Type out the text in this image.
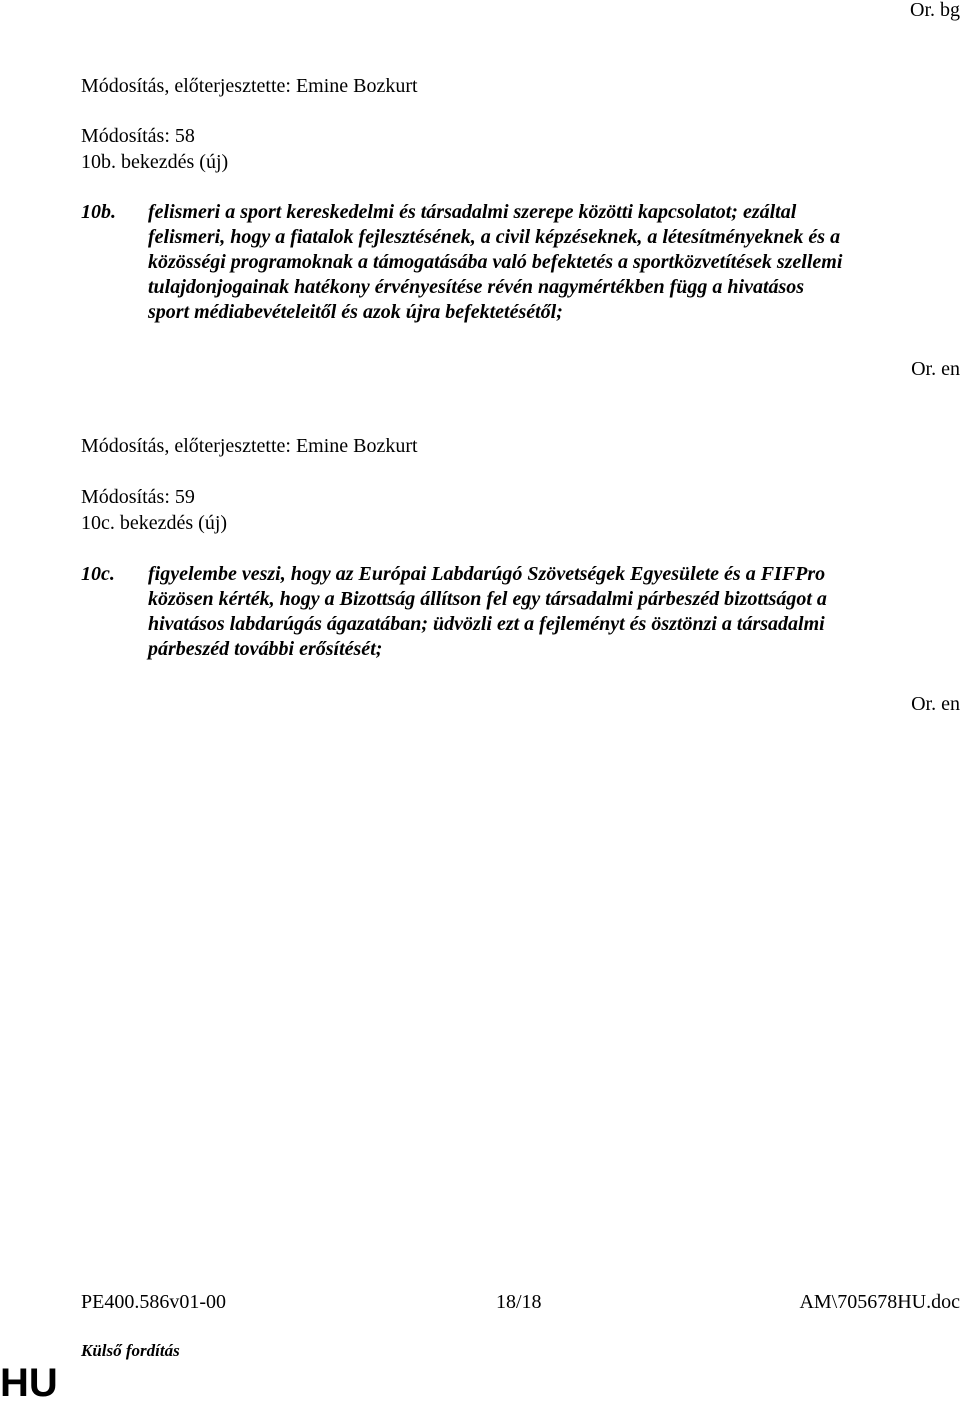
Or. bg
Módosítás, előterjesztette: Emine Bozkurt
Módosítás: 58
10b. bekezdés (új)
10b. felismeri a sport kereskedelmi és társadalmi szerepe közötti kapcsolatot; ezáltal
felismeri, hogy a fiatalok fejlesztésének, a civil képzéseknek, a létesítményeknek és a
közösségi programoknak a támogatásába való befektetés a sportközvetítések szellemi
tulajdonjogainak hatékony érvényesítése révén nagymértékben függ a hivatásos
sport médiabevételeitől és azok újra befektetésétől;
Or. en
Módosítás, előterjesztette: Emine Bozkurt
Módosítás: 59
10c. bekezdés (új)
10c. figyelembe veszi, hogy az Európai Labdarúgó Szövetségek Egyesülete és a FIFPro
közösen kérték, hogy a Bizottság állítson fel egy társadalmi párbeszéd bizottságot a
hivatásos labdarúgás ágazatában; üdvözli ezt a fejleményt és ösztönzi a társadalmi
párbeszéd további erősítését;
Or. en
PE400.586v01-00	18/18	AM\705678HU.doc
Külső fordítás
HU
